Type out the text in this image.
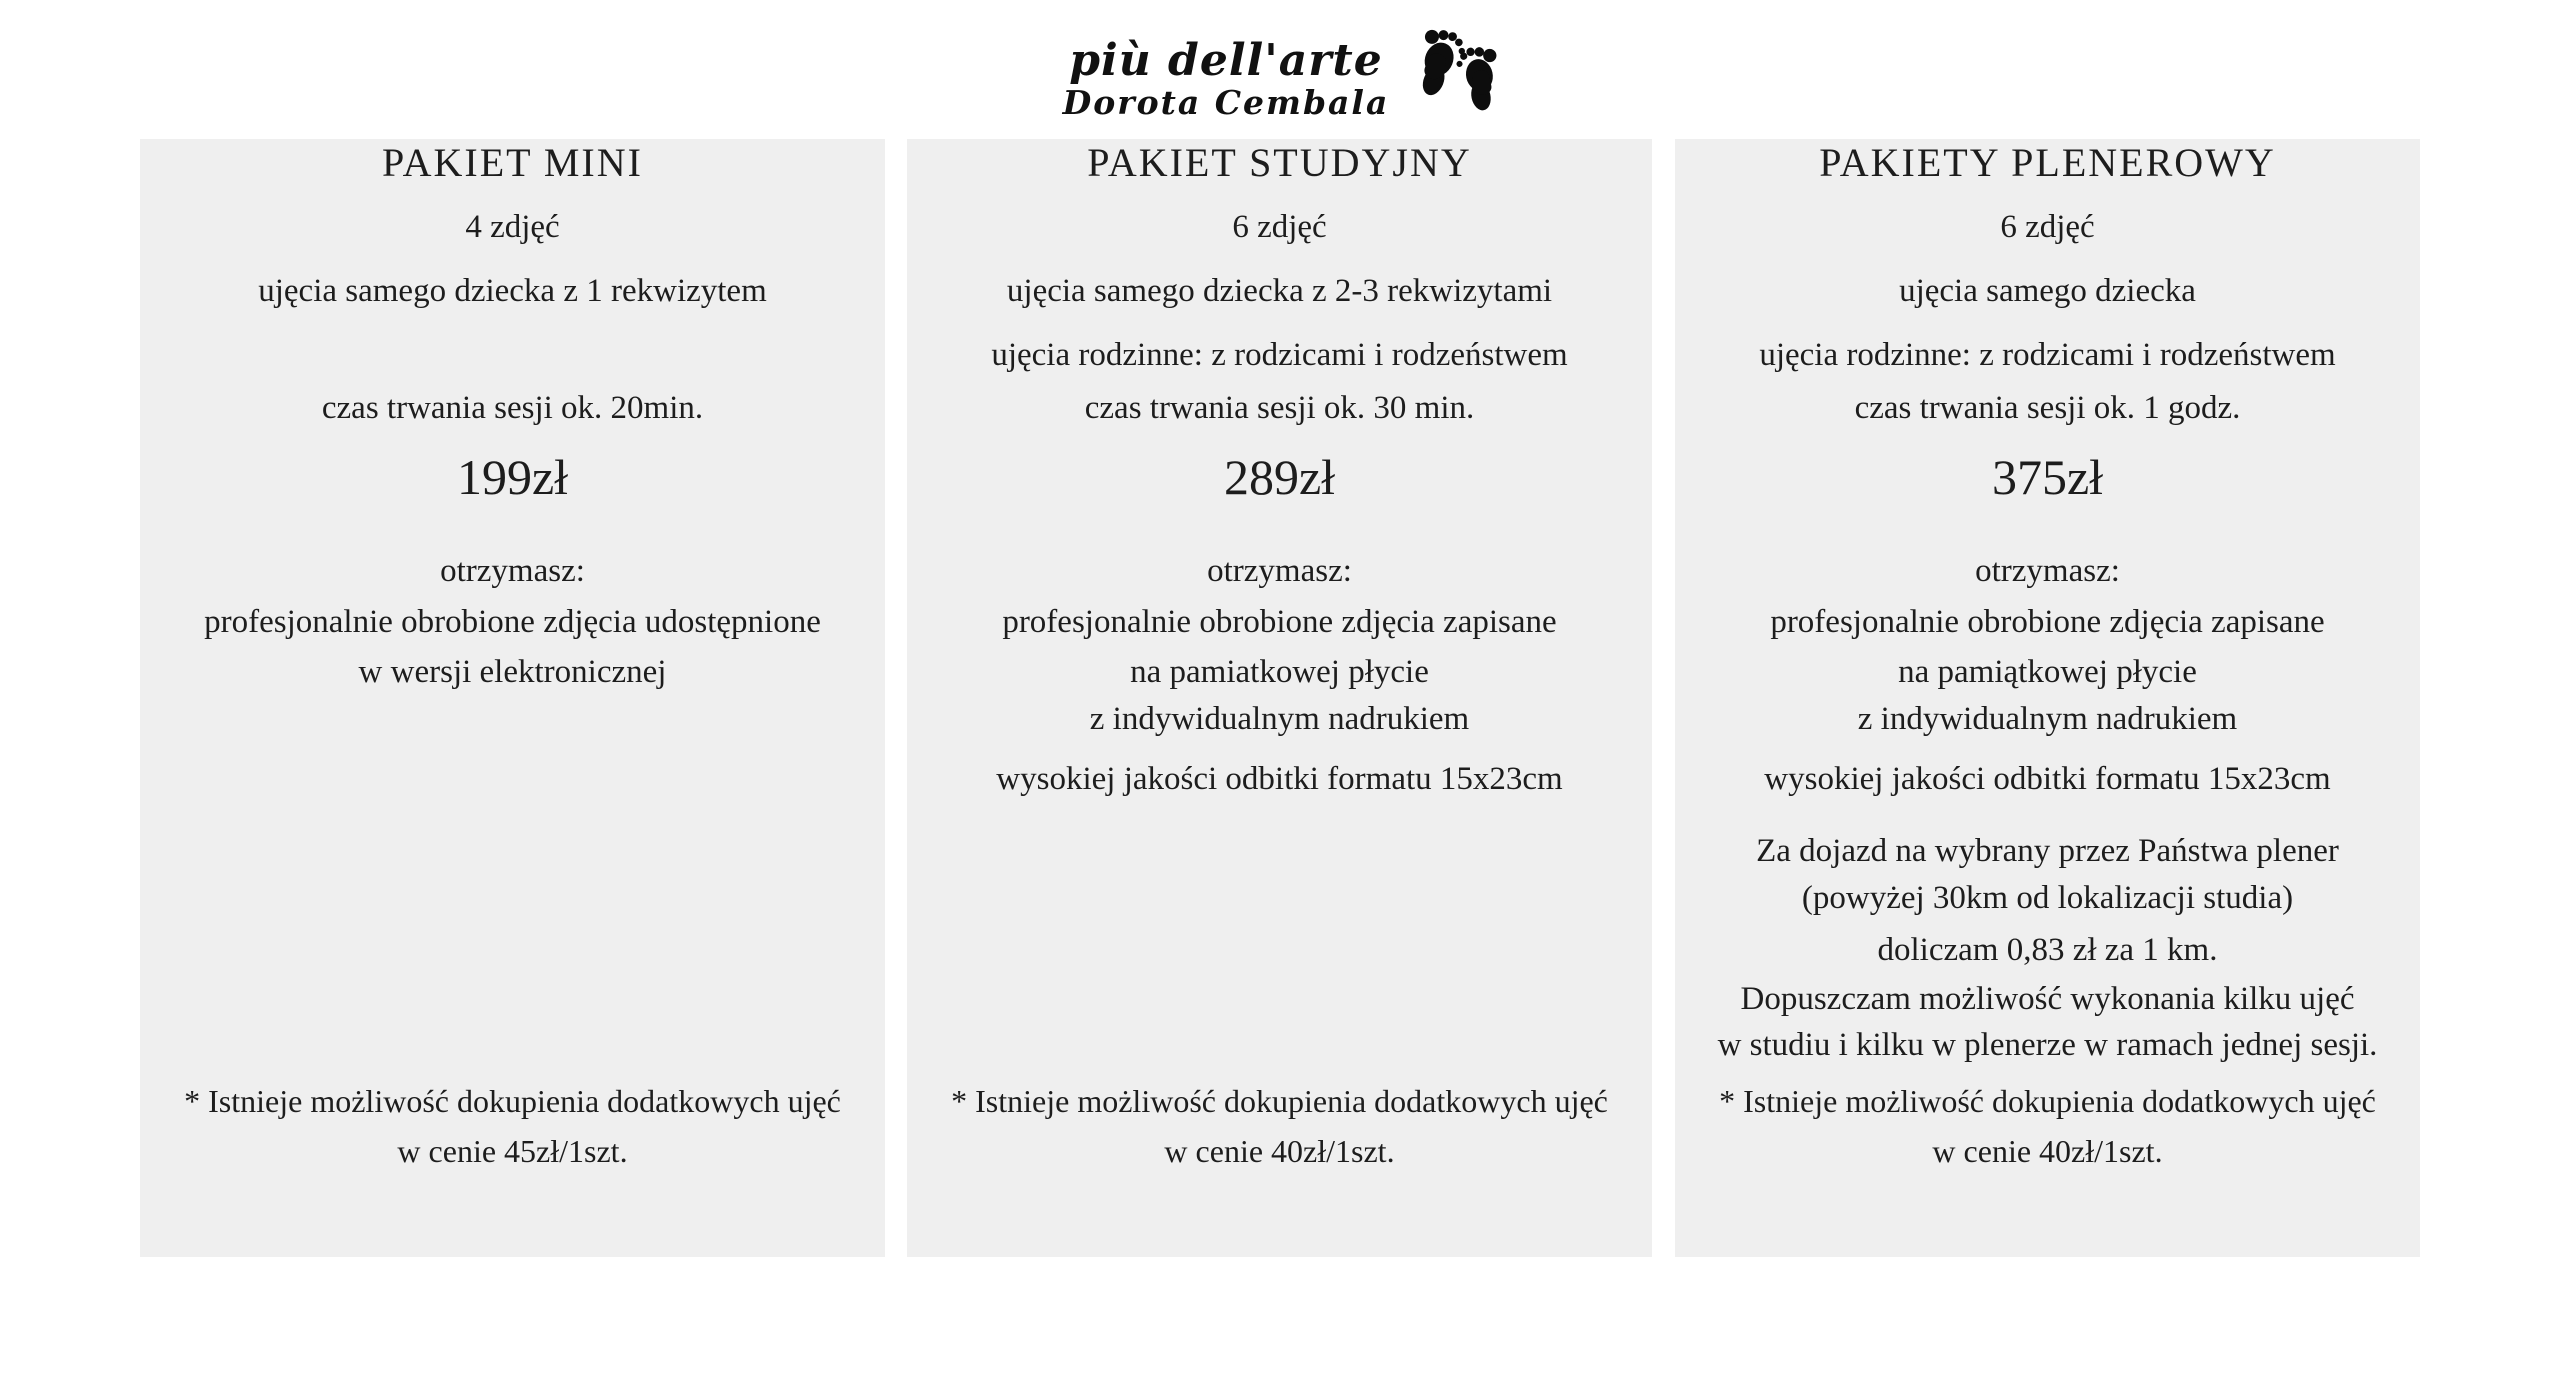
più dell'arte
Dorota Cembala
PAKIET MINI
4 zdjęć
ujęcia samego dziecka z 1 rekwizytem
czas trwania sesji ok. 20min.
199zł
otrzymasz:
profesjonalnie obrobione zdjęcia udostępnione
w wersji elektronicznej
* Istnieje możliwość dokupienia dodatkowych ujęć
w cenie 45zł/1szt.
PAKIET STUDYJNY
6 zdjęć
ujęcia samego dziecka z 2-3 rekwizytami
ujęcia rodzinne: z rodzicami i rodzeństwem
czas trwania sesji ok. 30 min.
289zł
otrzymasz:
profesjonalnie obrobione zdjęcia zapisane
na pamiatkowej płycie
z indywidualnym nadrukiem
wysokiej jakości odbitki formatu 15x23cm
* Istnieje możliwość dokupienia dodatkowych ujęć
w cenie 40zł/1szt.
PAKIETY PLENEROWY
6 zdjęć
ujęcia samego dziecka
ujęcia rodzinne: z rodzicami i rodzeństwem
czas trwania sesji ok. 1 godz.
375zł
otrzymasz:
profesjonalnie obrobione zdjęcia zapisane
na pamiątkowej płycie
z indywidualnym nadrukiem
wysokiej jakości odbitki formatu 15x23cm
Za dojazd na wybrany przez Państwa plener
(powyżej 30km od lokalizacji studia)
doliczam 0,83 zł za 1 km.
Dopuszczam możliwość wykonania kilku ujęć
w studiu i kilku w plenerze w ramach jednej sesji.
* Istnieje możliwość dokupienia dodatkowych ujęć
w cenie 40zł/1szt.
